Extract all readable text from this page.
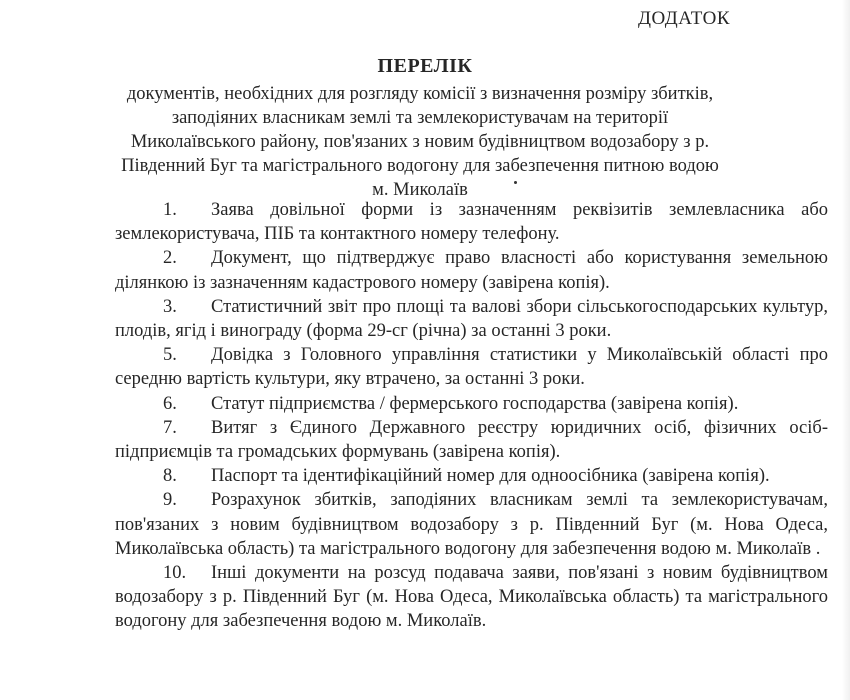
ДОДАТОК
ПЕРЕЛІК
документів, необхідних для розгляду комісії з визначення розміру збитків, заподіяних власникам землі та землекористувачам на території Миколаївського району, пов'язаних з новим будівництвом водозабору з р. Південний Буг та магістрального водогону для забезпечення питною водою м. Миколаїв
1. Заява довільної форми із зазначенням реквізитів землевласника або землекористувача, ПІБ та контактного номеру телефону.
2. Документ, що підтверджує право власності або користування земельною ділянкою із зазначенням кадастрового номеру (завірена копія).
3. Статистичний звіт про площі та валові збори сільськогосподарських культур, плодів, ягід і винограду (форма 29-сг (річна) за останні 3 роки.
5. Довідка з Головного управління статистики у Миколаївській області про середню вартість культури, яку втрачено, за останні 3 роки.
6. Статут підприємства / фермерського господарства (завірена копія).
7. Витяг з Єдиного Державного реєстру юридичних осіб, фізичних осіб-підприємців та громадських формувань (завірена копія).
8. Паспорт та ідентифікаційний номер для одноосібника (завірена копія).
9. Розрахунок збитків, заподіяних власникам землі та землекористувачам, пов'язаних з новим будівництвом водозабору з р. Південний Буг (м. Нова Одеса, Миколаївська область) та магістрального водогону для забезпечення водою м. Миколаїв .
10. Інші документи на розсуд подавача заяви, пов'язані з новим будівництвом водозабору з р. Південний Буг (м. Нова Одеса, Миколаївська область) та магістрального водогону для забезпечення водою м. Миколаїв.
